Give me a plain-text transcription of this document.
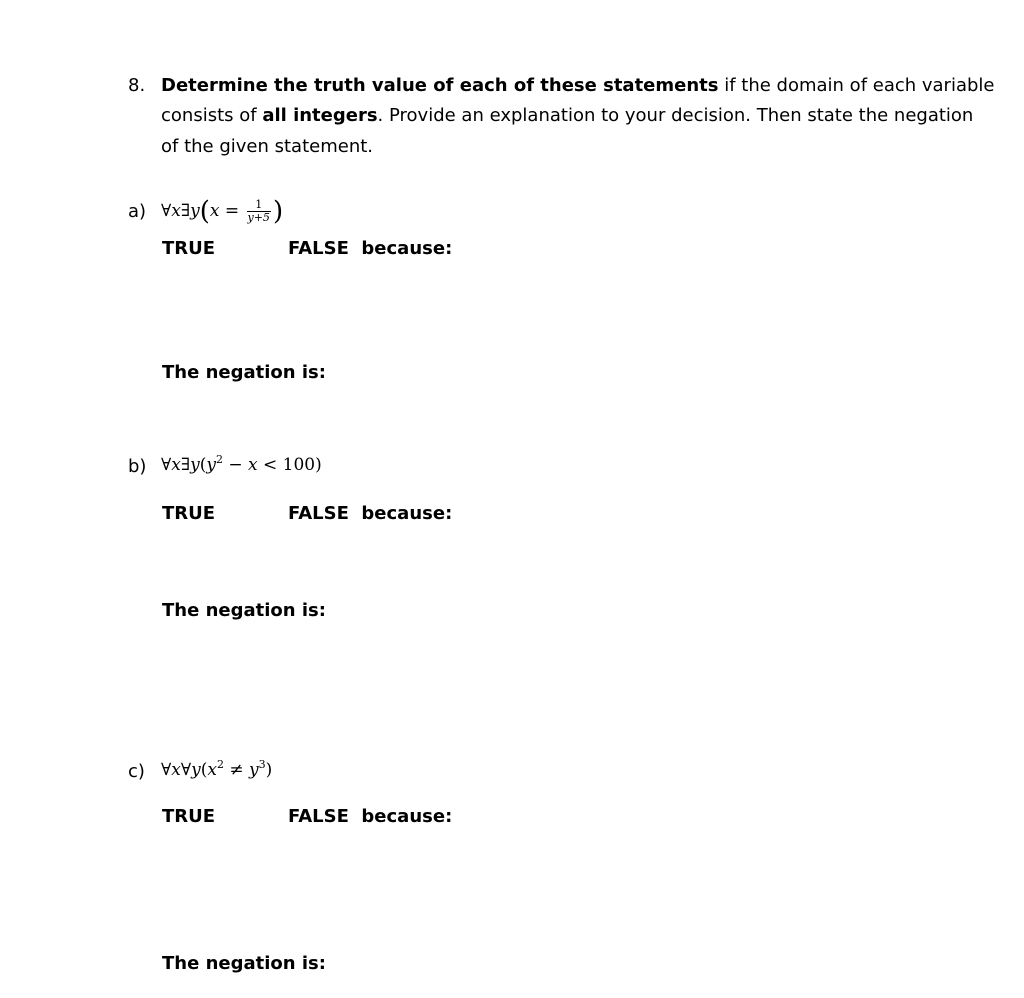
8. Determine the truth value of each of these statements if the domain of each variable
consists of all integers. Provide an explanation to your decision. Then state the negation
of the given statement.
a) ∀x∃y(x = $\frac{1}{y+5}$ )
TRUE	FALSE  because:
The negation is:
b) $\forall x\exists y(y^2 - x < 100)$
TRUE	FALSE  because:
The negation is:
c) $\forall x\forall y(x^2 \ne y^3)$
TRUE	FALSE  because:
The negation is:
